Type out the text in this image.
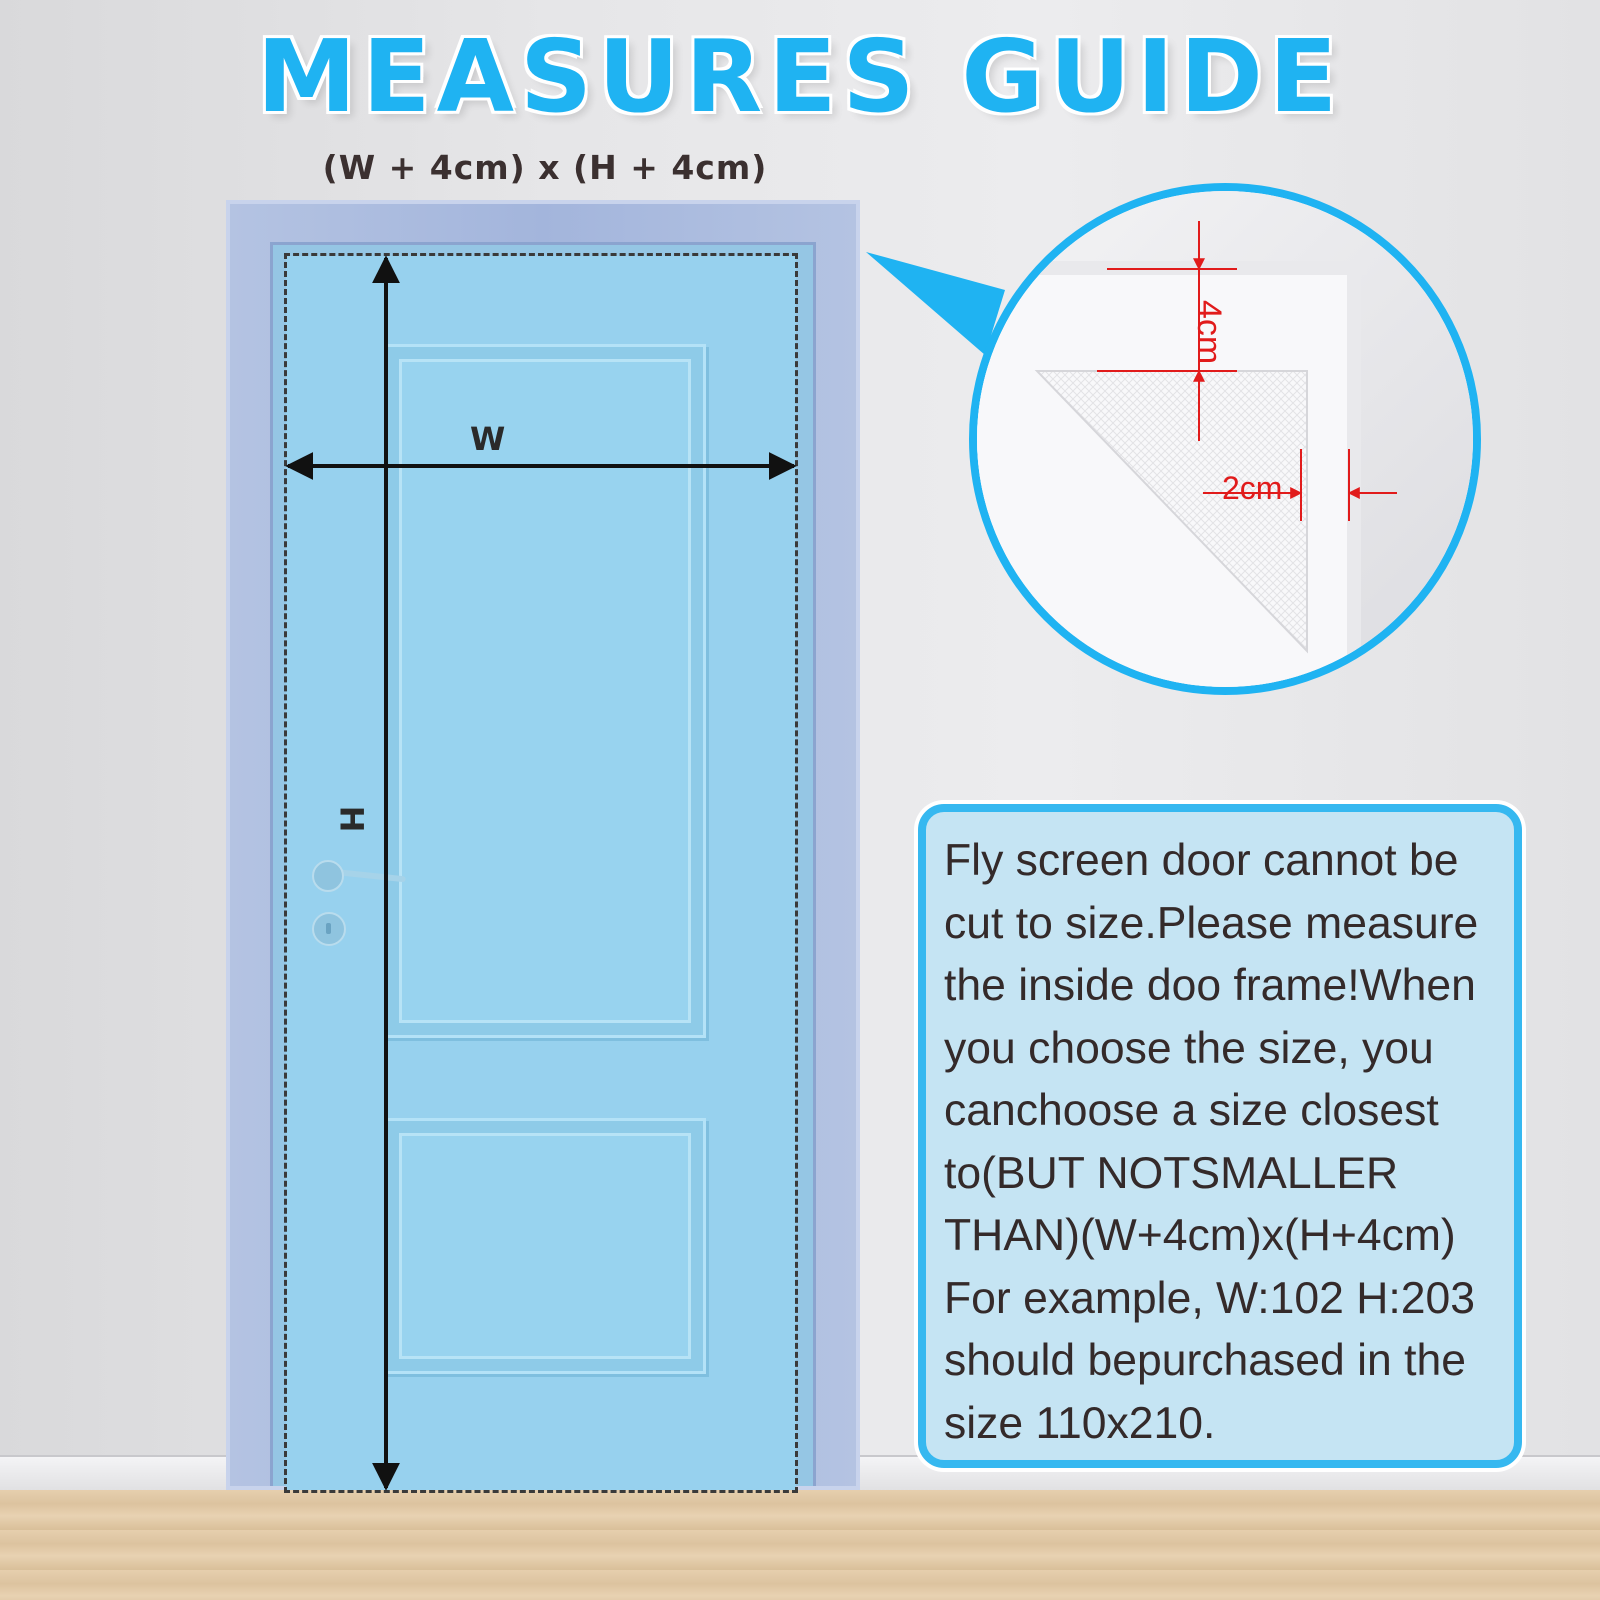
MEASURES GUIDE
(W + 4cm) x (H + 4cm)
W
H
4cm
2cm
Fly screen door cannot be
cut to size.Please measure
the inside doo frame!When
you choose the size, you
canchoose a size closest
to(BUT NOTSMALLER
THAN)(W+4cm)x(H+4cm)
For example, W:102 H:203
should bepurchased in the
size 110x210.
